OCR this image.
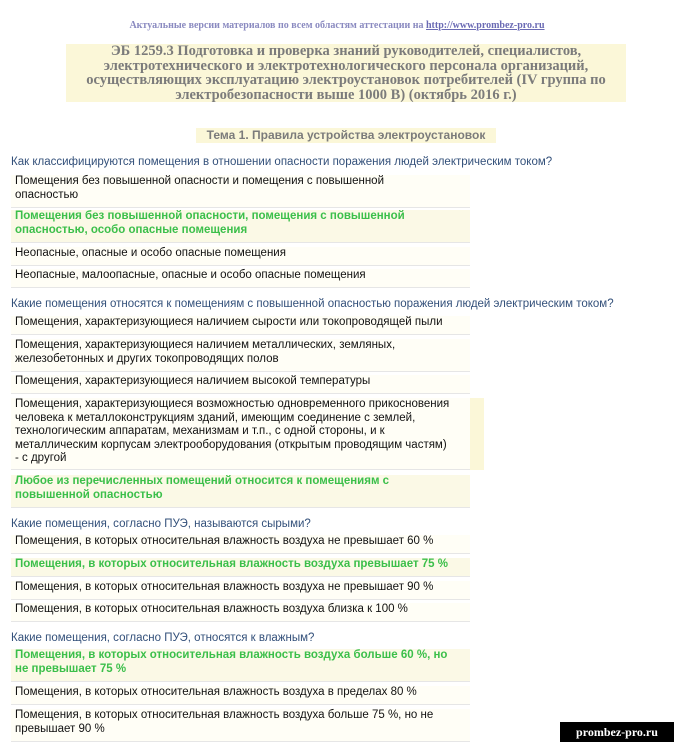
Актуальные версии материалов по всем областям аттестации на http://www.prombez-pro.ru
ЭБ 1259.3 Подготовка и проверка знаний руководителей, специалистов,
электротехнического и электротехнологического персонала организаций,
осуществляющих эксплуатацию электроустановок потребителей (IV группа по
электробезопасности выше 1000 В) (октябрь 2016 г.)
Тема 1. Правила устройства электроустановок
Как классифицируются помещения в отношении опасности поражения людей электрическим током?
Помещения без повышенной опасности и помещения с повышенной
опасностью
Помещения без повышенной опасности, помещения с повышенной
опасностью, особо опасные помещения
Неопасные, опасные и особо опасные помещения
Неопасные, малоопасные, опасные и особо опасные помещения
Какие помещения относятся к помещениям с повышенной опасностью поражения людей электрическим током?
Помещения, характеризующиеся наличием сырости или токопроводящей пыли
Помещения, характеризующиеся наличием металлических, земляных,
железобетонных и других токопроводящих полов
Помещения, характеризующиеся наличием высокой температуры
Помещения, характеризующиеся возможностью одновременного прикосновения
человека к металлоконструкциям зданий, имеющим соединение с землей,
технологическим аппаратам, механизмам и т.п., с одной стороны, и к
металлическим корпусам электрооборудования (открытым проводящим частям)
- с другой
Любое из перечисленных помещений относится к помещениям с
повышенной опасностью
Какие помещения, согласно ПУЭ, называются сырыми?
Помещения, в которых относительная влажность воздуха не превышает 60 %
Помещения, в которых относительная влажность воздуха превышает 75 %
Помещения, в которых относительная влажность воздуха не превышает 90 %
Помещения, в которых относительная влажность воздуха близка к 100 %
Какие помещения, согласно ПУЭ, относятся к влажным?
Помещения, в которых относительная влажность воздуха больше 60 %, но
не превышает 75 %
Помещения, в которых относительная влажность воздуха в пределах 80 %
Помещения, в которых относительная влажность воздуха больше 75 %, но не
превышает 90 %	prombez-pro.ru
